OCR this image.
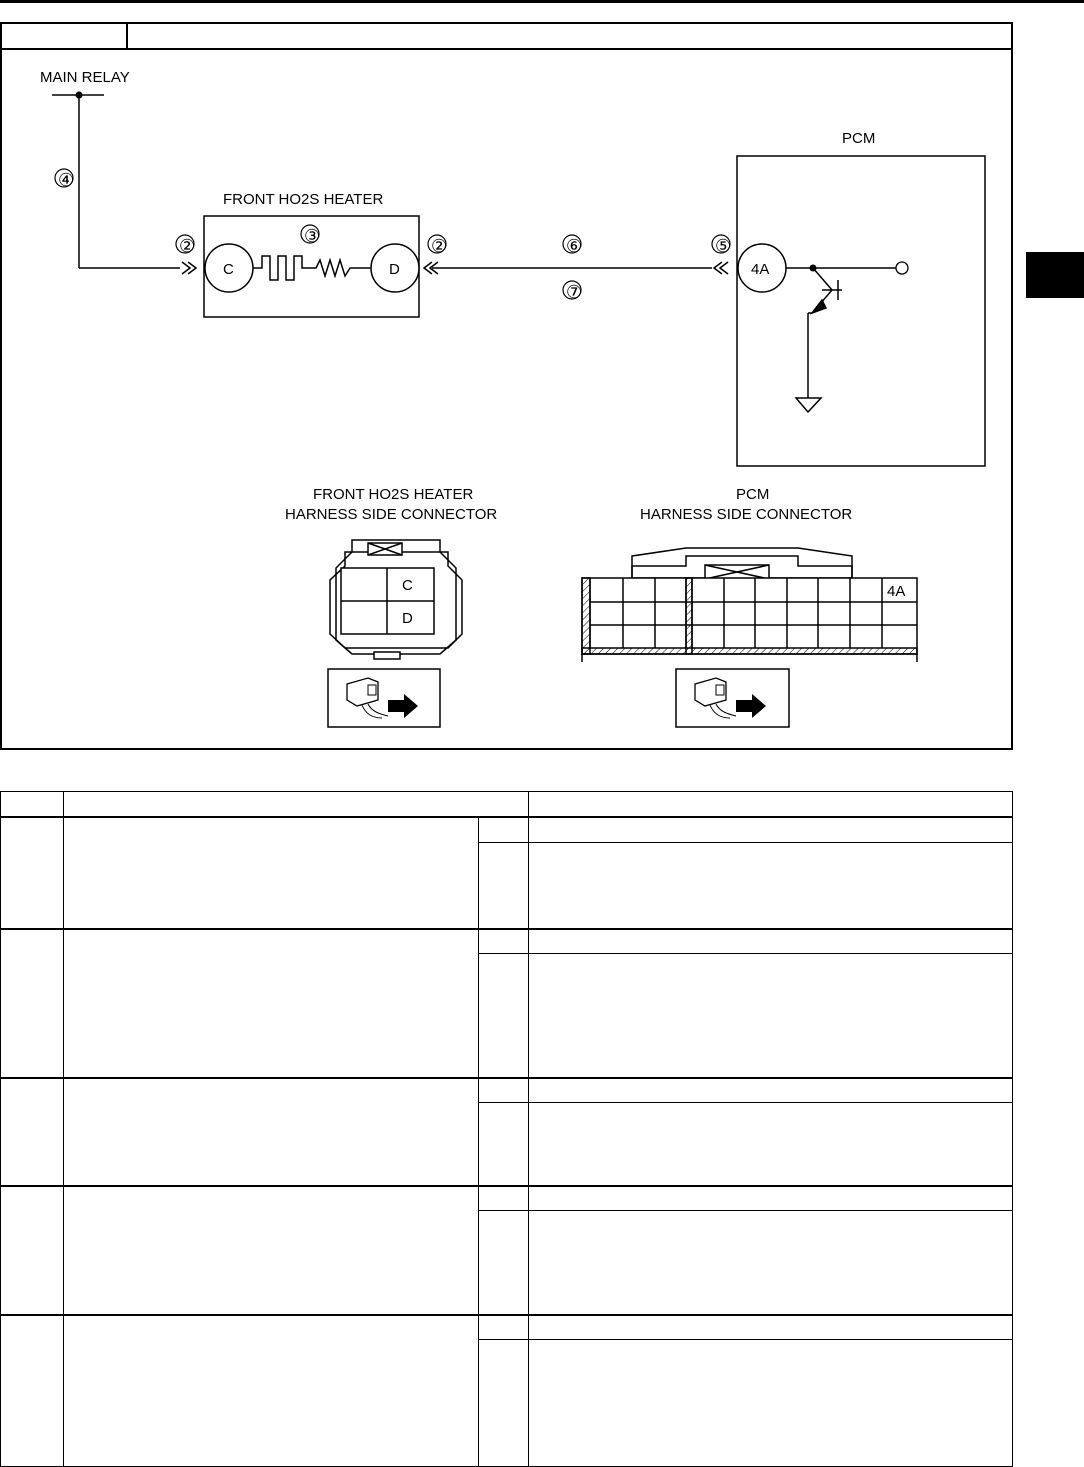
MAIN RELAY
④
FRONT HO2S HEATER
C	D
②	③	②	⑥
⑦
⑤
PCM
4A
FRONT HO2S HEATER
HARNESS SIDE CONNECTOR
PCM
HARNESS SIDE CONNECTOR
C
D
4A
